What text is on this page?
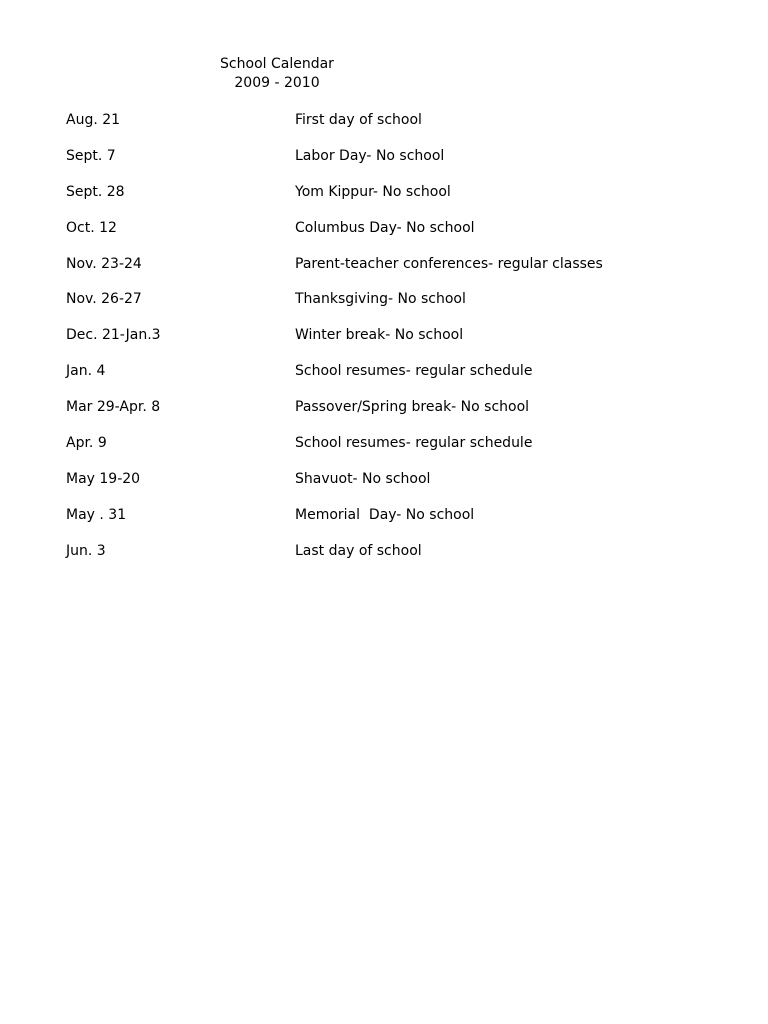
School Calendar
2009 - 2010
Aug. 21	First day of school
Sept. 7	Labor Day- No school
Sept. 28	Yom Kippur- No school
Oct. 12	Columbus Day- No school
Nov. 23-24	Parent-teacher conferences- regular classes
Nov. 26-27	Thanksgiving- No school
Dec. 21-Jan.3	Winter break- No school
Jan. 4	School resumes- regular schedule
Mar 29-Apr. 8	Passover/Spring break- No school
Apr. 9	School resumes- regular schedule
May 19-20	Shavuot- No school
May . 31	Memorial  Day- No school
Jun. 3	Last day of school
